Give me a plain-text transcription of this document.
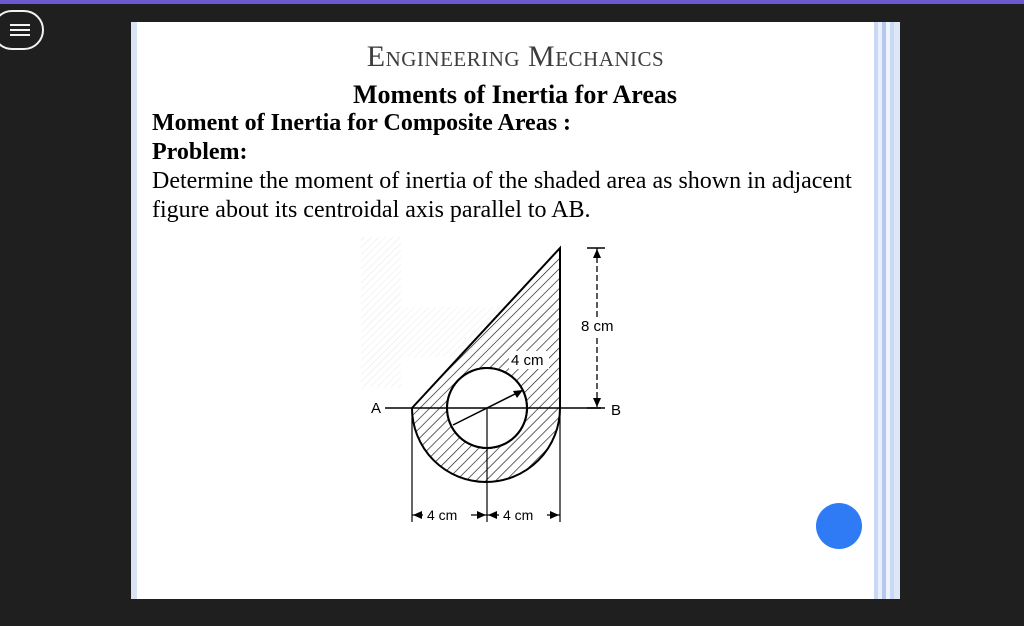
Engineering Mechanics
Moments of Inertia for Areas
Moment of Inertia for Composite Areas :
Problem:
Determine the moment of inertia of the shaded area as shown in adjacent figure about its centroidal axis parallel to AB.
4 cm	4 cm
8 cm
4 cm
A	B
